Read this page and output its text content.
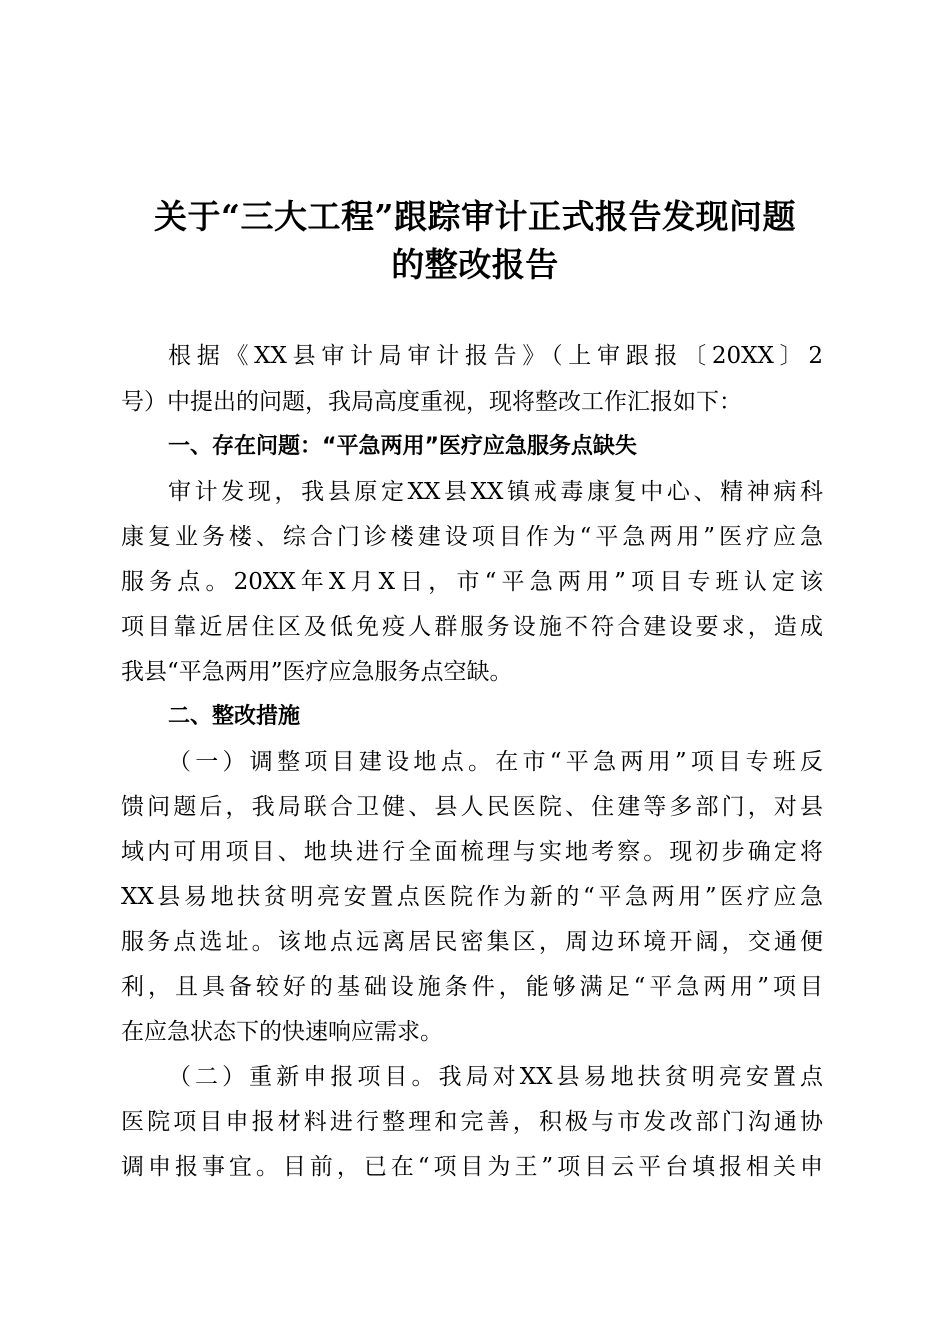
关于“三大工程”跟踪审计正式报告发现问题
的整改报告
根据《XX县审计局审计报告》（上审跟报〔20XX〕2
号）中提出的问题，我局高度重视，现将整改工作汇报如下：
一、存在问题：“平急两用”医疗应急服务点缺失
审计发现，我县原定XX县XX镇戒毒康复中心、精神病科
康复业务楼、综合门诊楼建设项目作为“平急两用”医疗应急
服务点。20XX年X月X日，市“平急两用”项目专班认定该
项目靠近居住区及低免疫人群服务设施不符合建设要求，造成
我县“平急两用”医疗应急服务点空缺。
二、整改措施
（一）调整项目建设地点。在市“平急两用”项目专班反
馈问题后，我局联合卫健、县人民医院、住建等多部门，对县
域内可用项目、地块进行全面梳理与实地考察。现初步确定将
XX县易地扶贫明亮安置点医院作为新的“平急两用”医疗应急
服务点选址。该地点远离居民密集区，周边环境开阔，交通便
利，且具备较好的基础设施条件，能够满足“平急两用”项目
在应急状态下的快速响应需求。
（二）重新申报项目。我局对XX县易地扶贫明亮安置点
医院项目申报材料进行整理和完善，积极与市发改部门沟通协
调申报事宜。目前，已在“项目为王”项目云平台填报相关申
